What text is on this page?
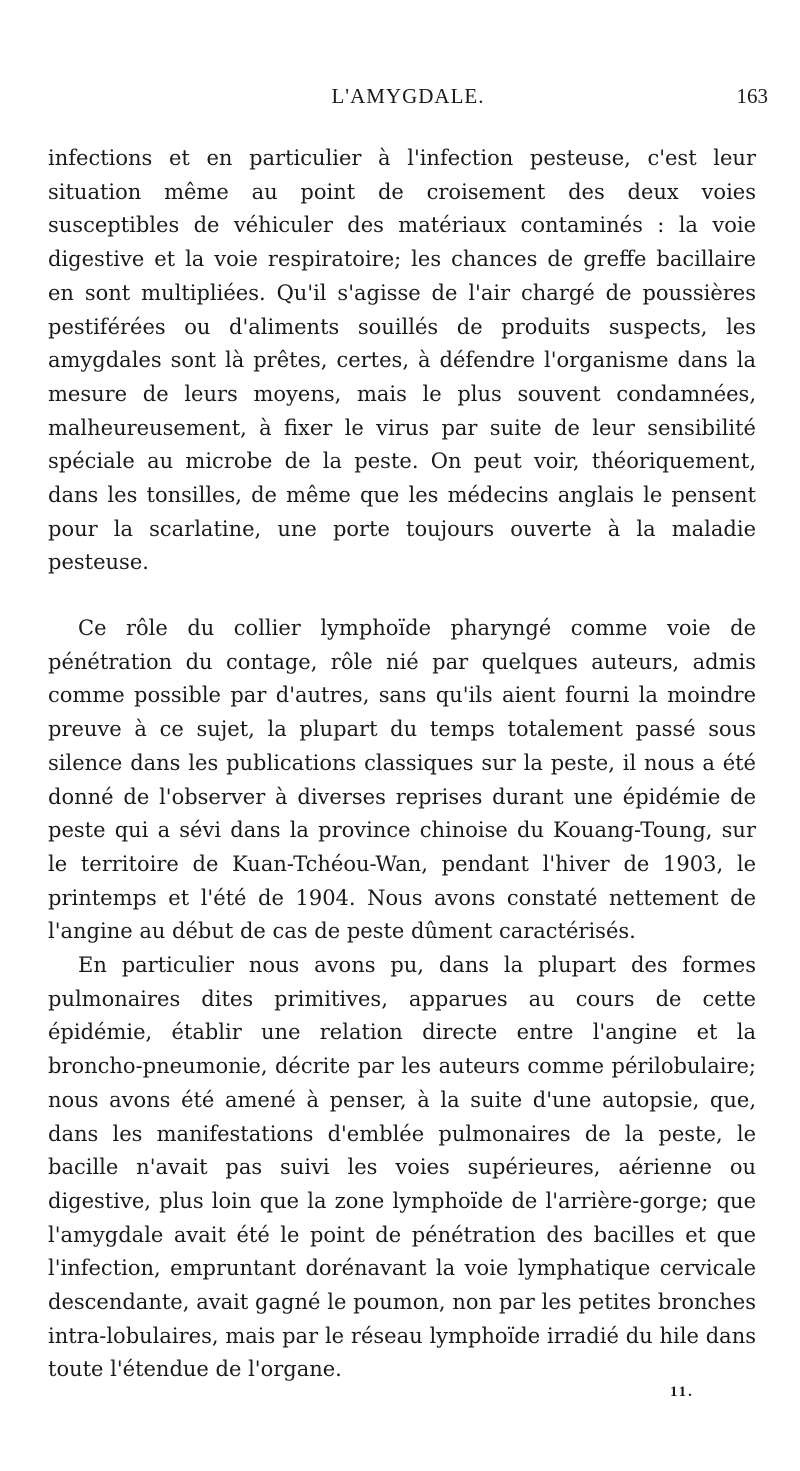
L'AMYGDALE.	163

infections et en particulier à l'infection pesteuse, c'est leur situation même au point de croisement des deux voies susceptibles de véhiculer des matériaux contaminés : la voie digestive et la voie respiratoire; les chances de greffe bacillaire en sont multipliées. Qu'il s'agisse de l'air chargé de poussières pestiférées ou d'aliments souillés de produits suspects, les amygdales sont là prêtes, certes, à défendre l'organisme dans la mesure de leurs moyens, mais le plus souvent condamnées, malheureusement, à fixer le virus par suite de leur sensibilité spéciale au microbe de la peste. On peut voir, théoriquement, dans les tonsilles, de même que les médecins anglais le pensent pour la scarlatine, une porte toujours ouverte à la maladie pesteuse.

Ce rôle du collier lymphoïde pharyngé comme voie de pénétration du contage, rôle nié par quelques auteurs, admis comme possible par d'autres, sans qu'ils aient fourni la moindre preuve à ce sujet, la plupart du temps totalement passé sous silence dans les publications classiques sur la peste, il nous a été donné de l'observer à diverses reprises durant une épidémie de peste qui a sévi dans la province chinoise du Kouang-Toung, sur le territoire de Kuan-Tchéou-Wan, pendant l'hiver de 1903, le printemps et l'été de 1904. Nous avons constaté nettement de l'angine au début de cas de peste dûment caractérisés.

En particulier nous avons pu, dans la plupart des formes pulmonaires dites primitives, apparues au cours de cette épidémie, établir une relation directe entre l'angine et la broncho-pneumonie, décrite par les auteurs comme périlobulaire; nous avons été amené à penser, à la suite d'une autopsie, que, dans les manifestations d'emblée pulmonaires de la peste, le bacille n'avait pas suivi les voies supérieures, aérienne ou digestive, plus loin que la zone lymphoïde de l'arrière-gorge; que l'amygdale avait été le point de pénétration des bacilles et que l'infection, empruntant dorénavant la voie lymphatique cervicale descendante, avait gagné le poumon, non par les petites bronches intra-lobulaires, mais par le réseau lymphoïde irradié du hile dans toute l'étendue de l'organe.

11.
